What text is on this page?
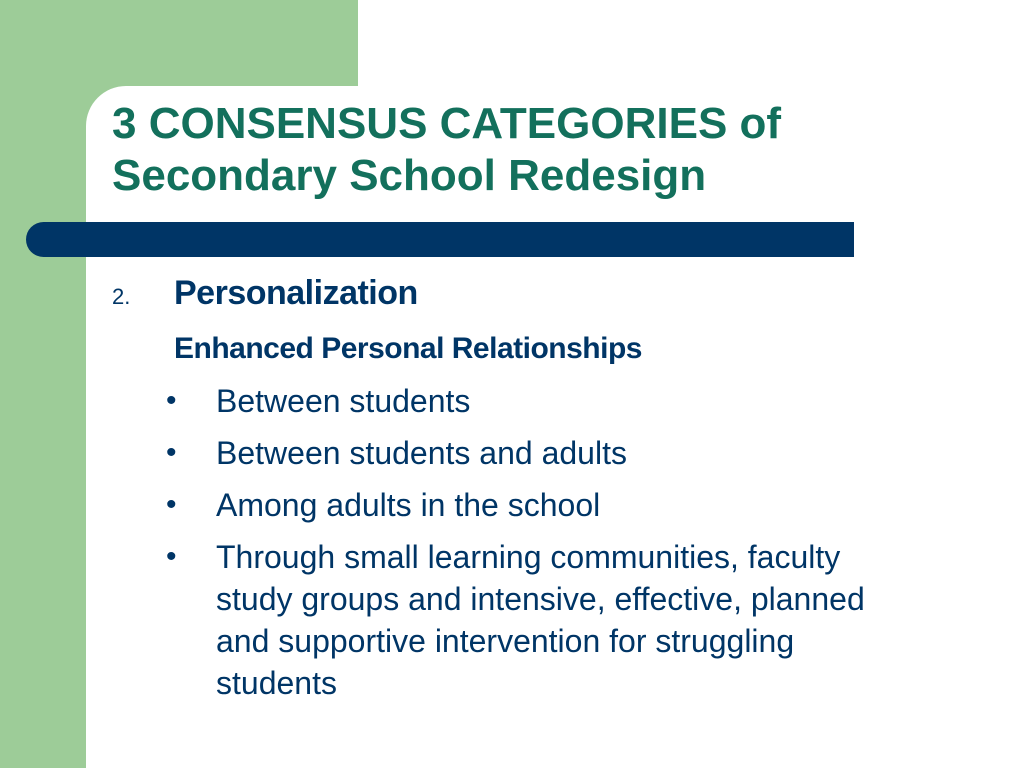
3 CONSENSUS CATEGORIES of
Secondary School Redesign
2. Personalization
Enhanced Personal Relationships
• Between students
• Between students and adults
• Among adults in the school
• Through small learning communities, faculty study groups and intensive, effective, planned and supportive intervention for struggling students
